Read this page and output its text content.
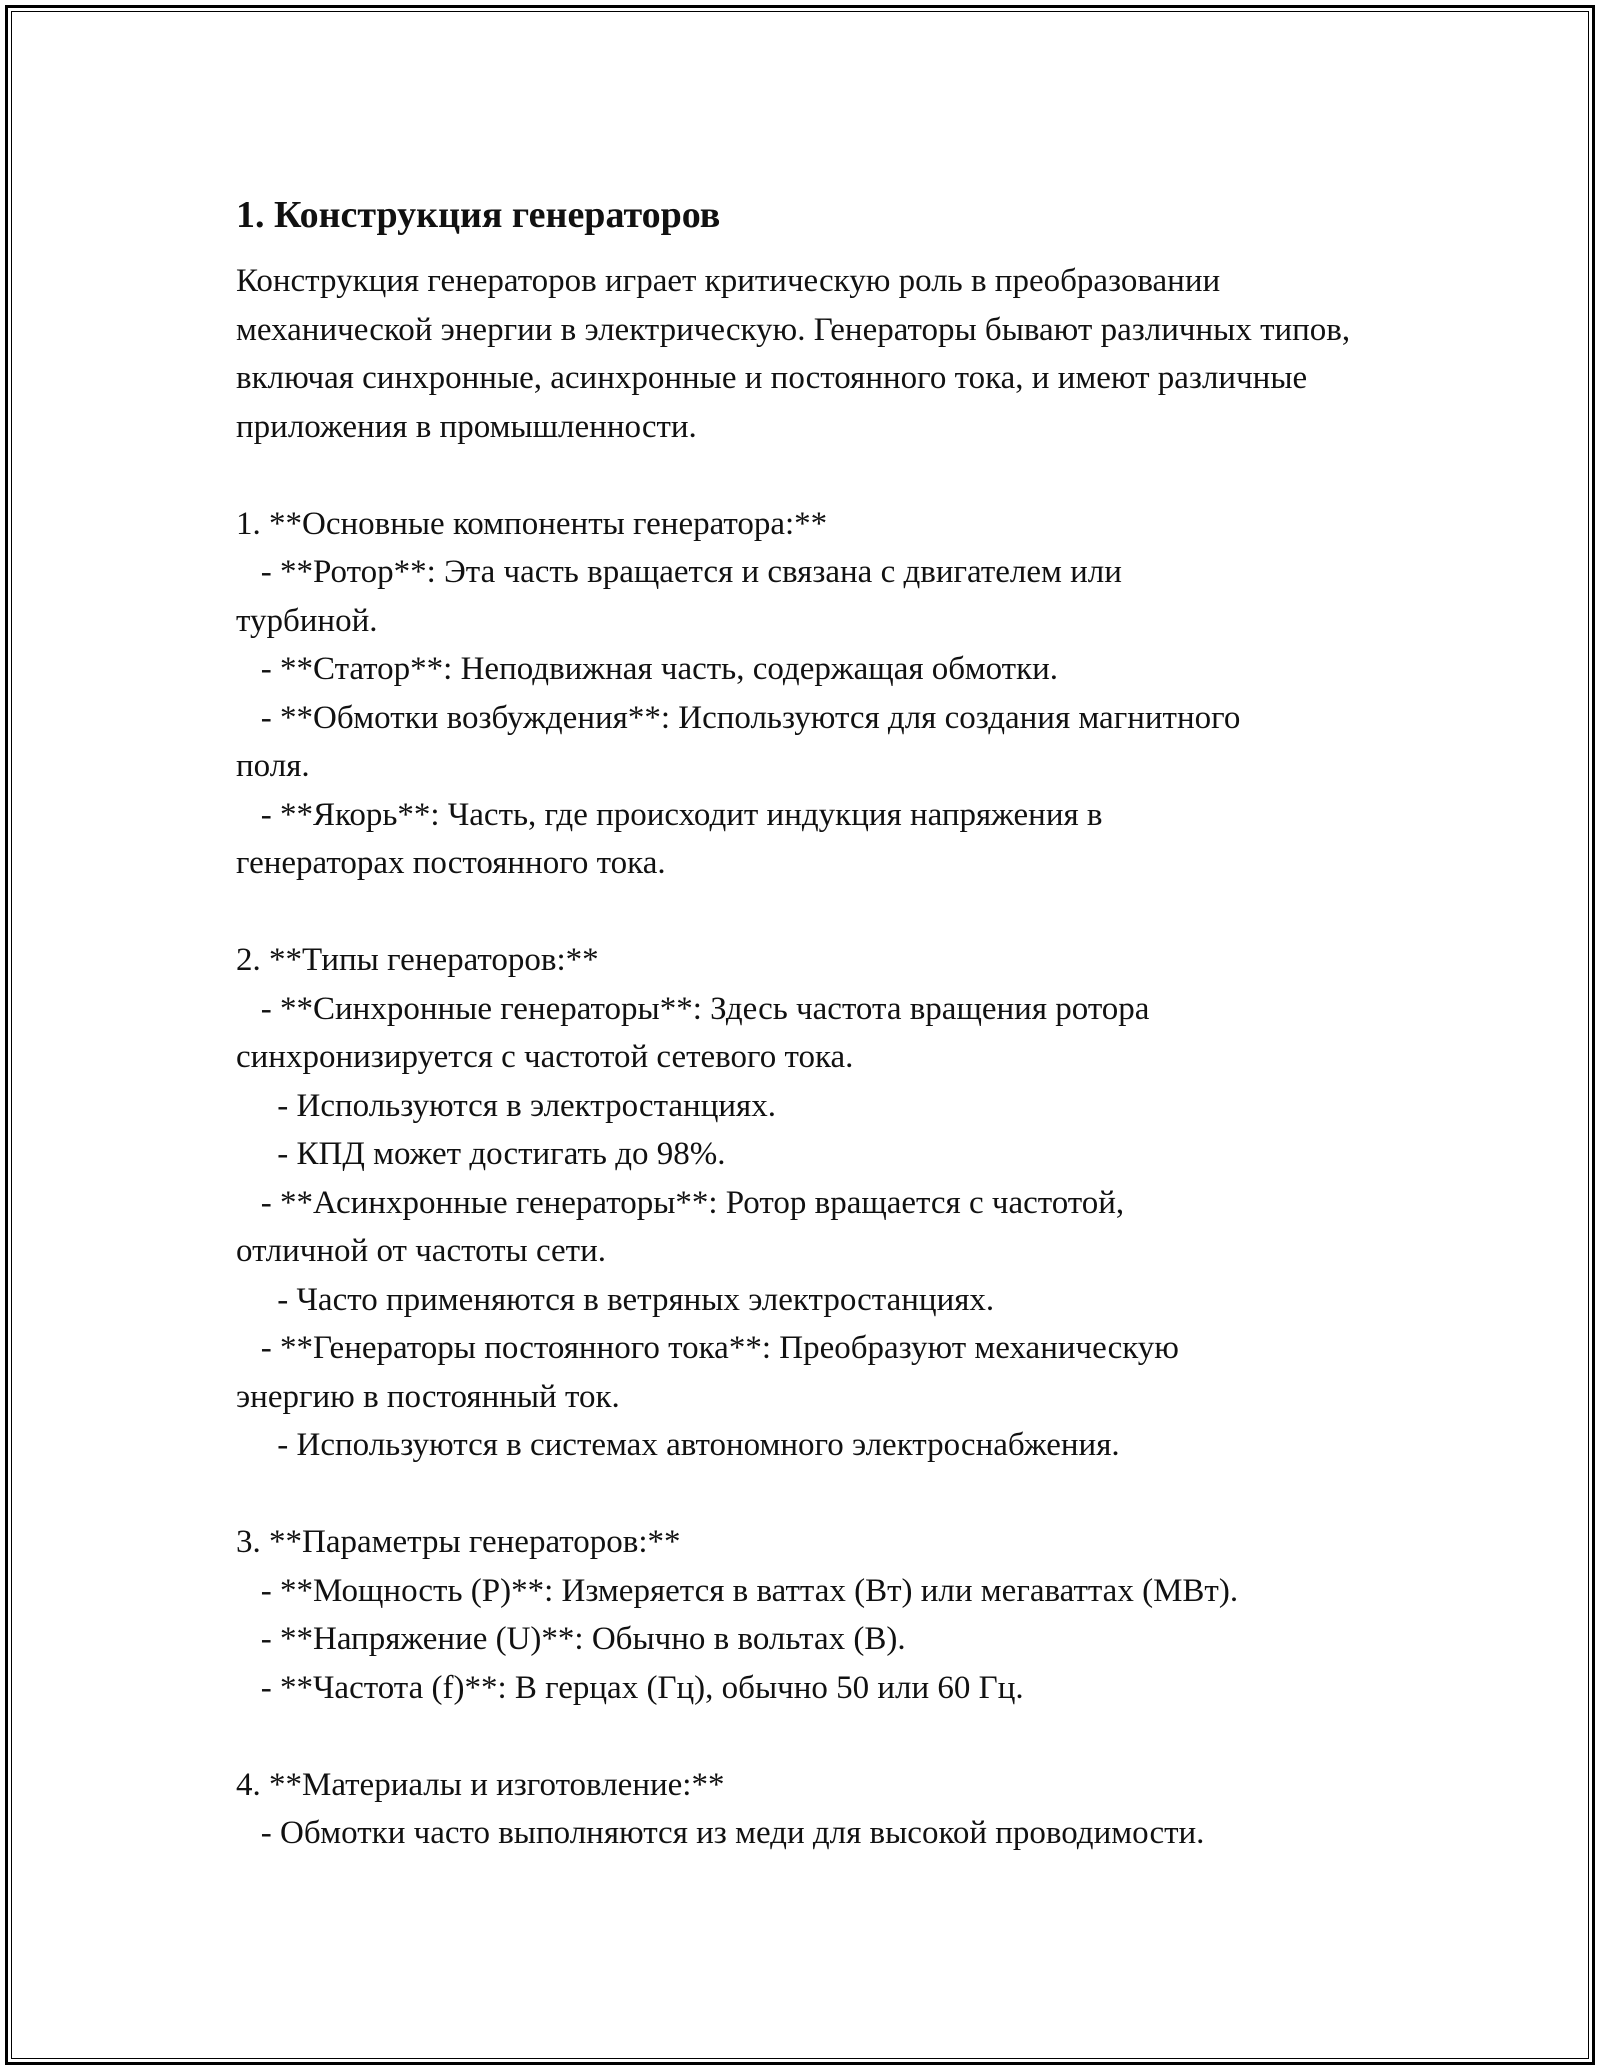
1. Конструкция генераторов

Конструкция генераторов играет критическую роль в преобразовании механической энергии в электрическую. Генераторы бывают различных типов, включая синхронные, асинхронные и постоянного тока, и имеют различные приложения в промышленности.

1. **Основные компоненты генератора:**
- **Ротор**: Эта часть вращается и связана с двигателем или
турбиной.
- **Статор**: Неподвижная часть, содержащая обмотки.
- **Обмотки возбуждения**: Используются для создания магнитного
поля.
- **Якорь**: Часть, где происходит индукция напряжения в
генераторах постоянного тока.
2. **Типы генераторов:**
- **Синхронные генераторы**: Здесь частота вращения ротора
синхронизируется с частотой сетевого тока.
- Используются в электростанциях.
- КПД может достигать до 98%.
- **Асинхронные генераторы**: Ротор вращается с частотой,
отличной от частоты сети.
- Часто применяются в ветряных электростанциях.
- **Генераторы постоянного тока**: Преобразуют механическую
энергию в постоянный ток.
- Используются в системах автономного электроснабжения.
3. **Параметры генераторов:**
- **Мощность (P)**: Измеряется в ваттах (Вт) или мегаваттах (МВт).
- **Напряжение (U)**: Обычно в вольтах (В).
- **Частота (f)**: В герцах (Гц), обычно 50 или 60 Гц.
4. **Материалы и изготовление:**
- Обмотки часто выполняются из меди для высокой проводимости.
